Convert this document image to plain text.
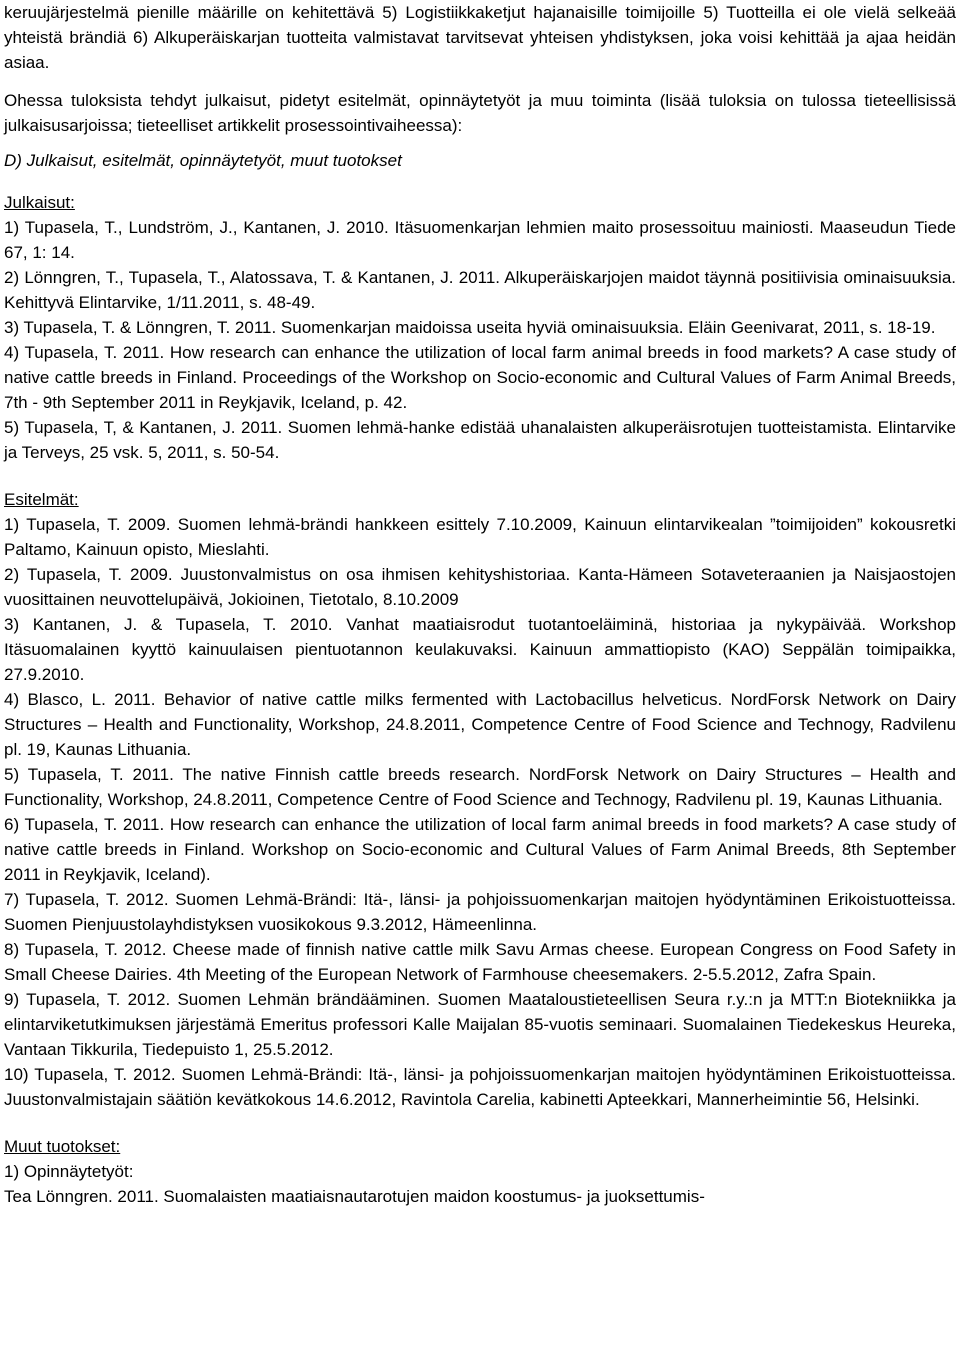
keruujärjestelmä pienille määrille on kehitettävä 5) Logistiikkaketjut hajanaisille toimijoille 5) Tuotteilla ei ole vielä selkeää yhteistä brändiä 6) Alkuperäiskarjan tuotteita valmistavat tarvitsevat yhteisen yhdistyksen, joka voisi kehittää ja ajaa heidän asiaa.

Ohessa tuloksista tehdyt julkaisut, pidetyt esitelmät, opinnäytetyöt ja muu toiminta (lisää tuloksia on tulossa tieteellisissä julkaisusarjoissa; tieteelliset artikkelit prosessointivaiheessa):

D) Julkaisut, esitelmät, opinnäytetyöt, muut tuotokset

Julkaisut:

1) Tupasela, T., Lundström, J., Kantanen, J. 2010. Itäsuomenkarjan lehmien maito prosessoituu mainiosti. Maaseudun Tiede 67, 1: 14.
2) Lönngren, T., Tupasela, T., Alatossava, T. & Kantanen, J. 2011. Alkuperäiskarjojen maidot täynnä positiivisia ominaisuuksia. Kehittyvä Elintarvike, 1/11.2011, s. 48-49.
3) Tupasela, T. & Lönngren, T. 2011. Suomenkarjan maidoissa useita hyviä ominaisuuksia. Eläin Geenivarat, 2011, s. 18-19.
4) Tupasela, T. 2011. How research can enhance the utilization of local farm animal breeds in food markets? A case study of native cattle breeds in Finland. Proceedings of the Workshop on Socio-economic and Cultural Values of Farm Animal Breeds, 7th - 9th September 2011 in Reykjavik, Iceland, p. 42.
5) Tupasela, T, & Kantanen, J. 2011. Suomen lehmä-hanke edistää uhanalaisten alkuperäisrotujen tuotteistamista. Elintarvike ja Terveys, 25 vsk. 5, 2011, s. 50-54.

Esitelmät:

1) Tupasela, T. 2009. Suomen lehmä-brändi hankkeen esittely 7.10.2009, Kainuun elintarvikealan ”toimijoiden” kokousretki Paltamo, Kainuun opisto, Mieslahti.
2) Tupasela, T. 2009. Juustonvalmistus on osa ihmisen kehityshistoriaa. Kanta-Hämeen Sotaveteraanien ja Naisjaostojen vuosittainen neuvottelupäivä, Jokioinen, Tietotalo, 8.10.2009
3) Kantanen, J. & Tupasela, T. 2010. Vanhat maatiaisrodut tuotantoeläiminä, historiaa ja nykypäivää. Workshop Itäsuomalainen kyyttö kainuulaisen pientuotannon keulakuvaksi. Kainuun ammattiopisto (KAO) Seppälän toimipaikka, 27.9.2010.
4) Blasco, L. 2011. Behavior of native cattle milks fermented with Lactobacillus helveticus. NordForsk Network on Dairy Structures – Health and Functionality, Workshop, 24.8.2011, Competence Centre of Food Science and Technogy, Radvilenu pl. 19, Kaunas Lithuania.
5) Tupasela, T. 2011. The native Finnish cattle breeds research. NordForsk Network on Dairy Structures – Health and Functionality, Workshop, 24.8.2011, Competence Centre of Food Science and Technogy, Radvilenu pl. 19, Kaunas Lithuania.
6) Tupasela, T. 2011. How research can enhance the utilization of local farm animal breeds in food markets? A case study of native cattle breeds in Finland. Workshop on Socio-economic and Cultural Values of Farm Animal Breeds, 8th September 2011 in Reykjavik, Iceland).
7) Tupasela, T. 2012. Suomen Lehmä-Brändi: Itä-, länsi- ja pohjoissuomenkarjan maitojen hyödyntäminen Erikoistuotteissa. Suomen Pienjuustolayhdistyksen vuosikokous 9.3.2012, Hämeenlinna.
8) Tupasela, T. 2012. Cheese made of finnish native cattle milk Savu Armas cheese. European Congress on Food Safety in Small Cheese Dairies. 4th Meeting of the European Network of Farmhouse cheesemakers. 2-5.5.2012, Zafra Spain.
9) Tupasela, T. 2012. Suomen Lehmän brändääminen. Suomen Maataloustieteellisen Seura r.y.:n ja MTT:n Biotekniikka ja elintarviketutkimuksen järjestämä Emeritus professori Kalle Maijalan 85-vuotis seminaari. Suomalainen Tiedekeskus Heureka, Vantaan Tikkurila, Tiedepuisto 1, 25.5.2012.
10) Tupasela, T. 2012. Suomen Lehmä-Brändi: Itä-, länsi- ja pohjoissuomenkarjan maitojen hyödyntäminen Erikoistuotteissa. Juustonvalmistajain säätiön kevätkokous 14.6.2012, Ravintola Carelia, kabinetti Apteekkari, Mannerheimintie 56, Helsinki.

Muut tuotokset:

1) Opinnäytetyöt:

Tea Lönngren. 2011. Suomalaisten maatiaisnautarotujen maidon koostumus- ja juoksettumis-
